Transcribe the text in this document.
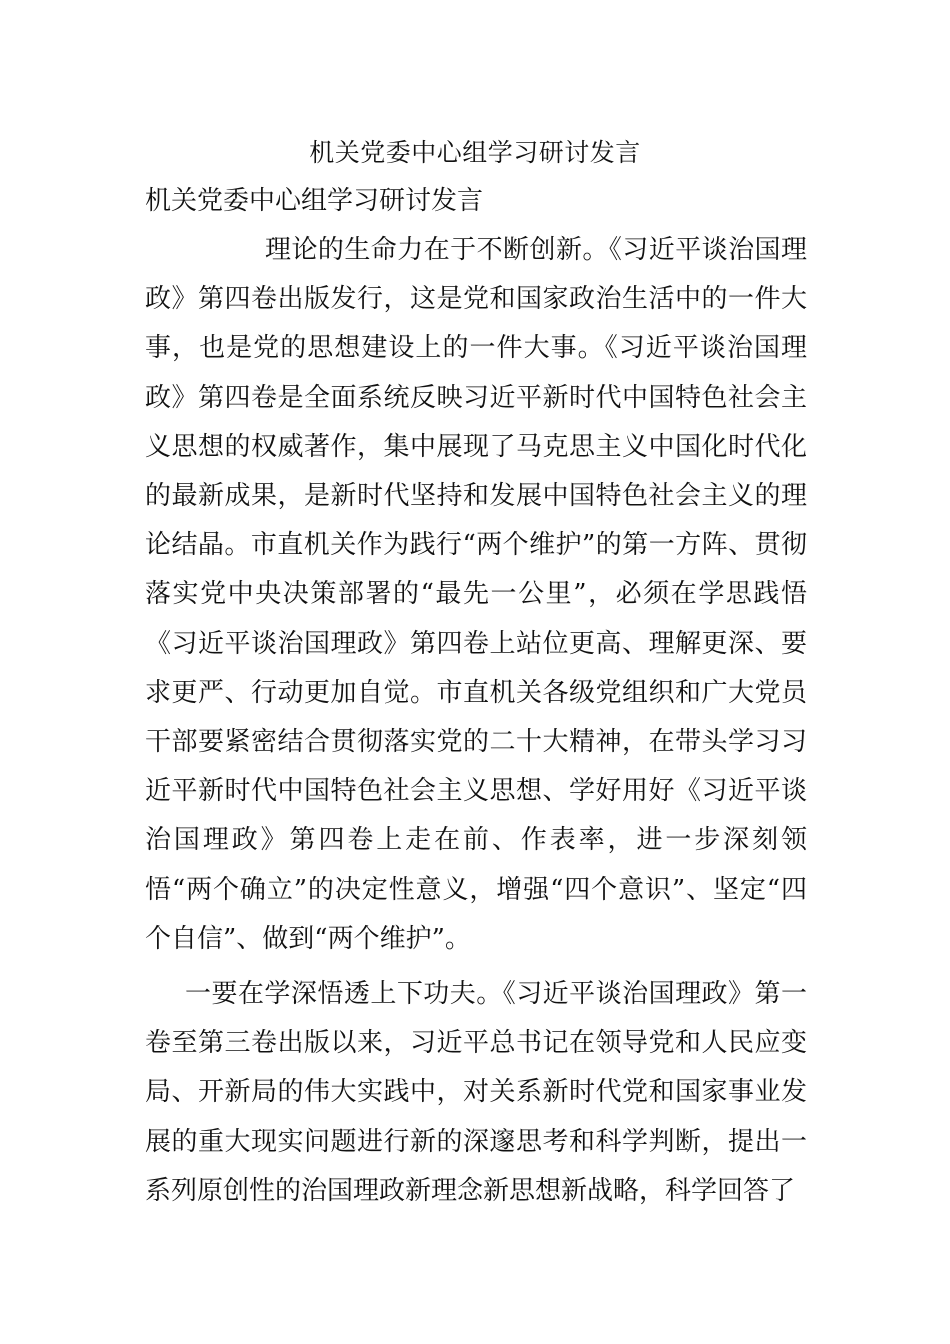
机关党委中心组学习研讨发言
机关党委中心组学习研讨发言

理论的生命力在于不断创新。《习近平谈治国理政》第四卷出版发行，这是党和国家政治生活中的一件大事，也是党的思想建设上的一件大事。《习近平谈治国理政》第四卷是全面系统反映习近平新时代中国特色社会主义思想的权威著作，集中展现了马克思主义中国化时代化的最新成果，是新时代坚持和发展中国特色社会主义的理论结晶。市直机关作为践行“两个维护”的第一方阵、贯彻落实党中央决策部署的“最先一公里”，必须在学思践悟《习近平谈治国理政》第四卷上站位更高、理解更深、要求更严、行动更加自觉。市直机关各级党组织和广大党员干部要紧密结合贯彻落实党的二十大精神，在带头学习习近平新时代中国特色社会主义思想、学好用好《习近平谈治国理政》第四卷上走在前、作表率，进一步深刻领悟“两个确立”的决定性意义，增强“四个意识”、坚定“四个自信”、做到“两个维护”。

一要在学深悟透上下功夫。《习近平谈治国理政》第一卷至第三卷出版以来，习近平总书记在领导党和人民应变局、开新局的伟大实践中，对关系新时代党和国家事业发展的重大现实问题进行新的深邃思考和科学判断，提出一系列原创性的治国理政新理念新思想新战略，科学回答了
